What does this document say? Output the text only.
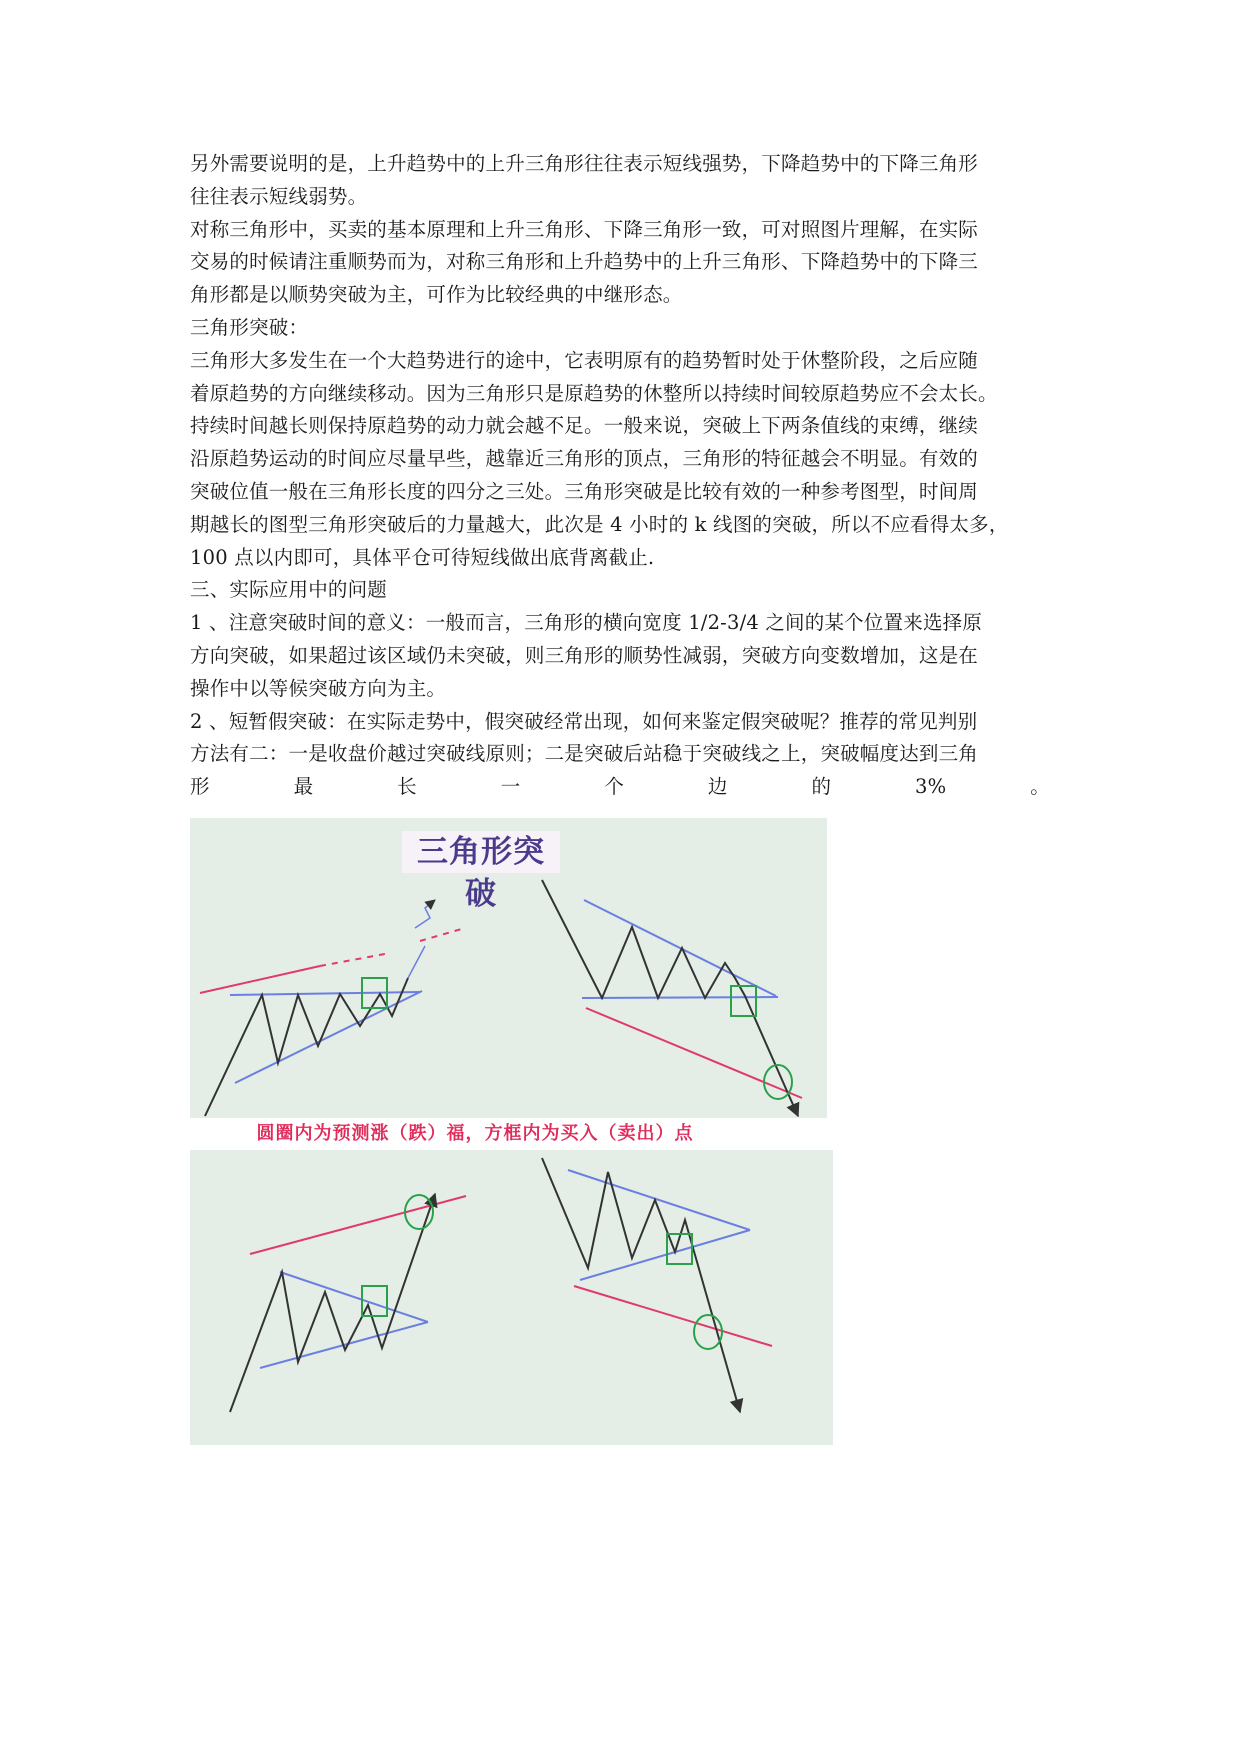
另外需要说明的是，上升趋势中的上升三角形往往表示短线强势，下降趋势中的下降三角形
往往表示短线弱势。
对称三角形中，买卖的基本原理和上升三角形、下降三角形一致，可对照图片理解，在实际
交易的时候请注重顺势而为，对称三角形和上升趋势中的上升三角形、下降趋势中的下降三
角形都是以顺势突破为主，可作为比较经典的中继形态。
三角形突破：
三角形大多发生在一个大趋势进行的途中，它表明原有的趋势暂时处于休整阶段，之后应随
着原趋势的方向继续移动。因为三角形只是原趋势的休整所以持续时间较原趋势应不会太长。
持续时间越长则保持原趋势的动力就会越不足。一般来说，突破上下两条值线的束缚，继续
沿原趋势运动的时间应尽量早些，越靠近三角形的顶点，三角形的特征越会不明显。有效的
突破位值一般在三角形长度的四分之三处。三角形突破是比较有效的一种参考图型，时间周
期越长的图型三角形突破后的力量越大，此次是 4 小时的 k 线图的突破，所以不应看得太多，
100 点以内即可，具体平仓可待短线做出底背离截止.
三、实际应用中的问题
1 、注意突破时间的意义：一般而言，三角形的横向宽度 1/2-3/4 之间的某个位置来选择原
方向突破，如果超过该区域仍未突破，则三角形的顺势性减弱，突破方向变数增加，这是在
操作中以等候突破方向为主。
2 、短暂假突破：在实际走势中，假突破经常出现，如何来鉴定假突破呢？推荐的常见判别
方法有二：一是收盘价越过突破线原则；二是突破后站稳于突破线之上，突破幅度达到三角
形	最	长	一	个	边	的	3%	。
三角形突破
圆圈内为预测涨（跌）福，方框内为买入（卖出）点
